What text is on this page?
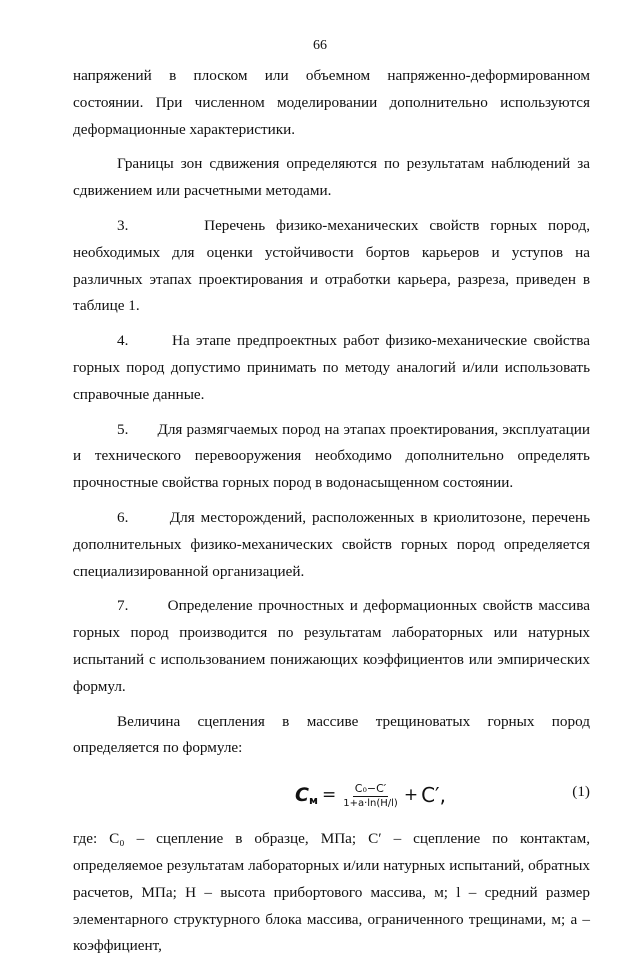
66

напряжений в плоском или объемном напряженно-деформированном состоянии. При численном моделировании дополнительно используются деформационные характеристики.

Границы зон сдвижения определяются по результатам наблюдений за сдвижением или расчетными методами.

3.       Перечень физико-механических свойств горных пород, необходимых для оценки устойчивости бортов карьеров и уступов на различных этапах проектирования и отработки карьера, разреза, приведен в таблице 1.

4.       На этапе предпроектных работ физико-механические свойства горных пород допустимо принимать по методу аналогий и/или использовать справочные данные.

5.       Для размягчаемых пород на этапах проектирования, эксплуатации и технического перевооружения необходимо дополнительно определять прочностные свойства горных пород в водонасыщенном состоянии.

6.       Для месторождений, расположенных в криолитозоне, перечень дополнительных физико-механических свойств горных пород определяется специализированной организацией.

7.       Определение прочностных и деформационных свойств массива горных пород производится по результатам лабораторных или натурных испытаний с использованием понижающих коэффициентов или эмпирических формул.

Величина сцепления в массиве трещиноватых горных пород определяется по формуле:

C $м = \frac{\text{C₀−C′}}{1+a\cdot\ln(H/l)} + C'$,	(1)

где: C₀ – сцепление в образце, МПа; C′ – сцепление по контактам, определяемое результатам лабораторных и/или натурных испытаний, обратных расчетов, МПа; Н – высота прибортового массива, м; l – средний размер элементарного структурного блока массива, ограниченного трещинами, м; a – коэффициент,
